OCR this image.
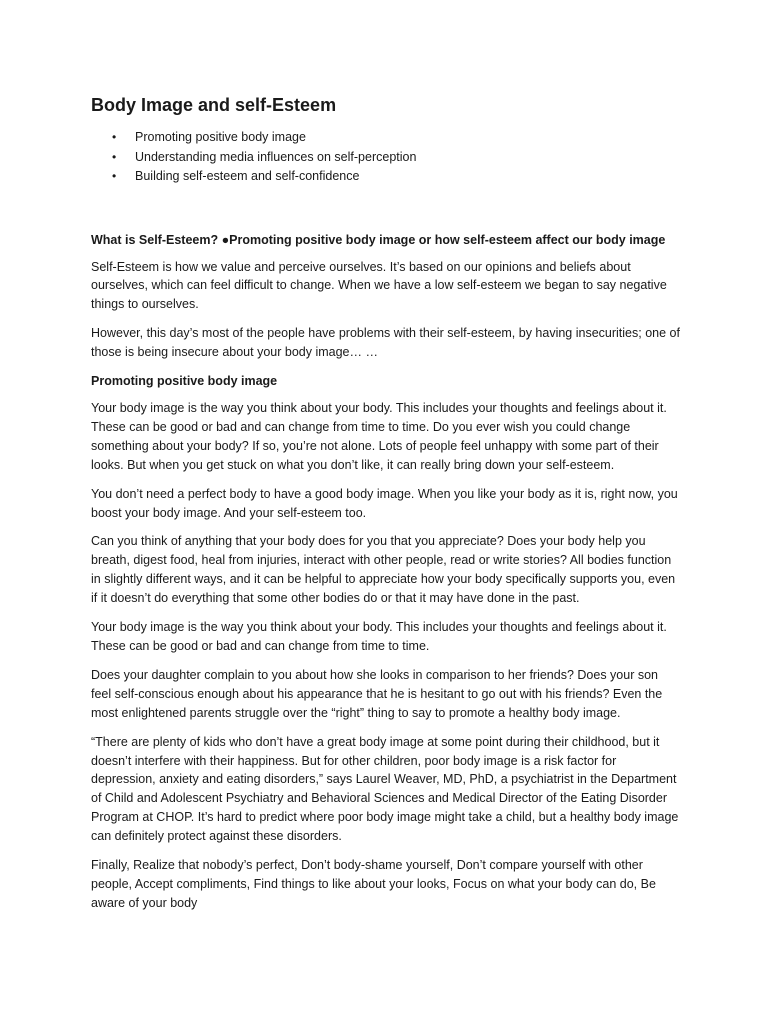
Body Image and self-Esteem
• Promoting positive body image
• Understanding media influences on self-perception
• Building self-esteem and self-confidence

What is Self-Esteem? ●Promoting positive body image or how self-esteem affect our body image

Self-Esteem is how we value and perceive ourselves. It’s based on our opinions and beliefs about ourselves, which can feel difficult to change. When we have a low self-esteem we began to say negative things to ourselves.

However, this day’s most of the people have problems with their self-esteem, by having insecurities; one of those is being insecure about your body image… …

Promoting positive body image

Your body image is the way you think about your body. This includes your thoughts and feelings about it. These can be good or bad and can change from time to time. Do you ever wish you could change something about your body? If so, you’re not alone. Lots of people feel unhappy with some part of their looks. But when you get stuck on what you don’t like, it can really bring down your self-esteem.

You don’t need a perfect body to have a good body image. When you like your body as it is, right now, you boost your body image. And your self-esteem too.

Can you think of anything that your body does for you that you appreciate? Does your body help you breath, digest food, heal from injuries, interact with other people, read or write stories? All bodies function in slightly different ways, and it can be helpful to appreciate how your body specifically supports you, even if it doesn’t do everything that some other bodies do or that it may have done in the past.

Your body image is the way you think about your body. This includes your thoughts and feelings about it. These can be good or bad and can change from time to time.

Does your daughter complain to you about how she looks in comparison to her friends? Does your son feel self-conscious enough about his appearance that he is hesitant to go out with his friends? Even the most enlightened parents struggle over the “right” thing to say to promote a healthy body image.

“There are plenty of kids who don’t have a great body image at some point during their childhood, but it doesn’t interfere with their happiness. But for other children, poor body image is a risk factor for depression, anxiety and eating disorders,” says Laurel Weaver, MD, PhD, a psychiatrist in the Department of Child and Adolescent Psychiatry and Behavioral Sciences and Medical Director of the Eating Disorder Program at CHOP. It’s hard to predict where poor body image might take a child, but a healthy body image can definitely protect against these disorders.

Finally, Realize that nobody’s perfect, Don’t body-shame yourself, Don’t compare yourself with other people, Accept compliments, Find things to like about your looks, Focus on what your body can do, Be aware of your body
